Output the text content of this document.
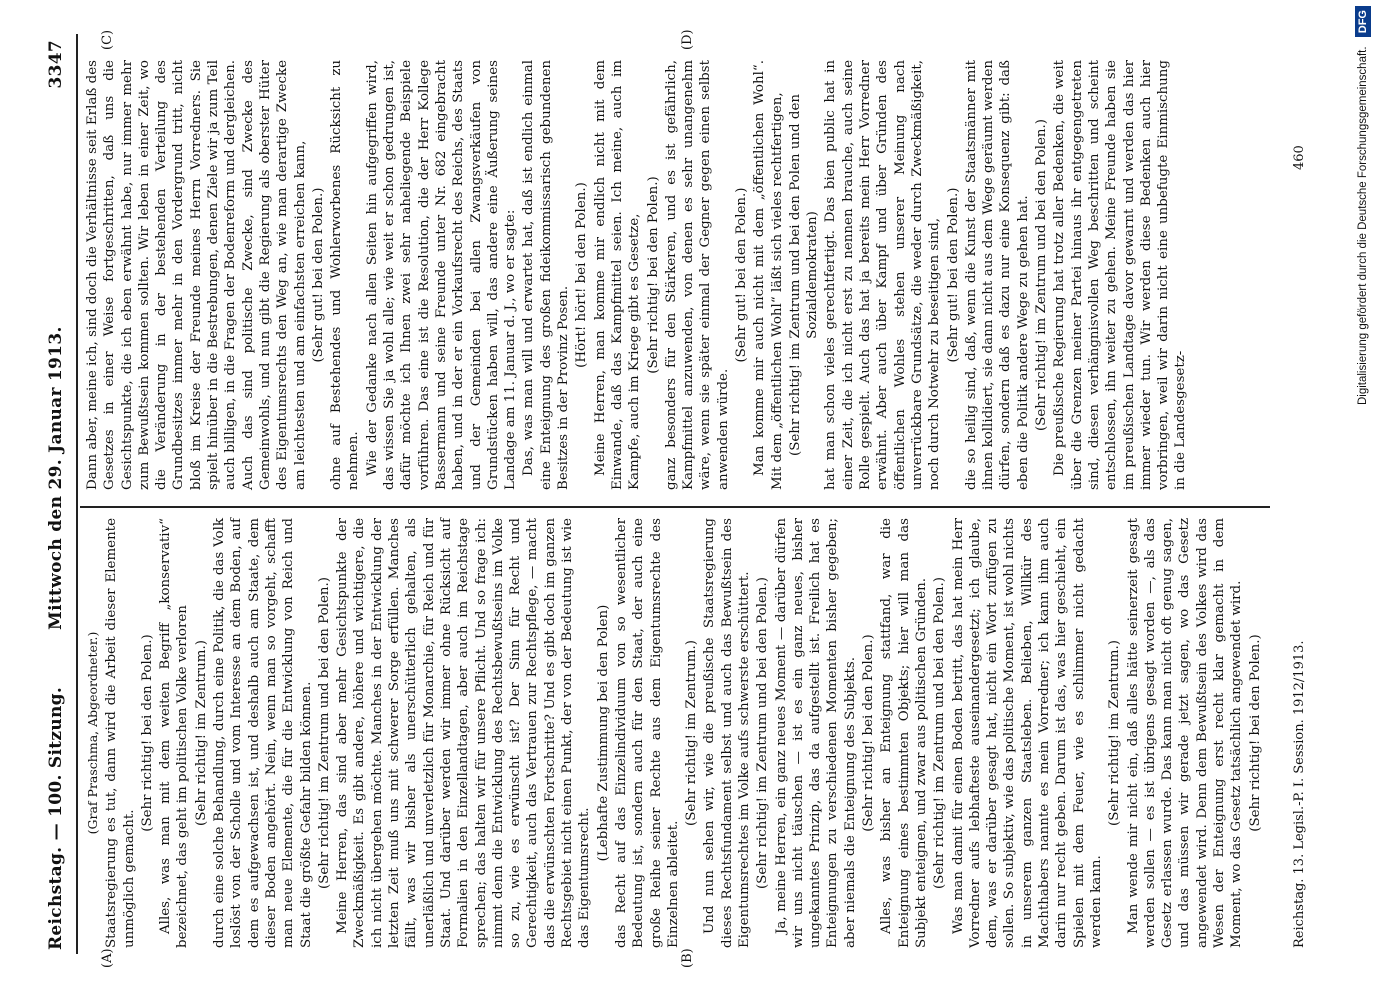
Reichstag. — 100. Sitzung.
Mittwoch den 29. Januar 1913.
3347
(A)	(B)
(C)	(D)
(Graf Praschma, Abgeordneter.) Staatsregierung es tut, dann wird die Arbeit dieser Elemente unmöglich gemacht.

(Sehr richtig! bei den Polen.) Alles, was man mit dem weiten Begriff „konservativ“ bezeichnet, das geht im politischen Volke verloren (Sehr richtig! im Zentrum.) durch eine solche Behandlung, durch eine Politik, die das Volk loslöst von der Scholle und vom Interesse an dem Boden, auf dem es aufgewachsen ist, und deshalb auch am Staate, dem dieser Boden angehört. Nein, wenn man so vorgeht, schafft man neue Elemente, die für die Entwicklung von Reich und Staat die größte Gefahr bilden können. (Sehr richtig! im Zentrum und bei den Polen.) Meine Herren, das sind aber mehr Gesichtspunkte der Zweckmäßigkeit. Es gibt andere, höhere und wichtigere, die ich nicht übergehen möchte. Manches in der Entwicklung der letzten Zeit muß uns mit schwerer Sorge erfüllen. Manches fällt, was wir bisher als unerschütterlich gehalten, als unerläßlich und unverletzlich für Monarchie, für Reich und für Staat. Und darüber werden wir immer ohne Rücksicht auf Formalien in den Einzellandtagen, aber auch im Reichstage sprechen; das halten wir für unsere Pflicht. Und so frage ich: nimmt denn die Entwicklung des Rechtsbewußtseins im Volke so zu, wie es erwünscht ist? Der Sinn für Recht und Gerechtigkeit, auch das Vertrauen zur Rechtspflege, — macht das die erwünschten Fortschritte? Und es gibt doch im ganzen Rechtsgebiet nicht einen Punkt, der von der Bedeutung ist wie das Eigentumsrecht.

(Lebhafte Zustimmung bei den Polen) das Recht auf das Einzelindividuum von so wesentlicher Bedeutung ist, sondern auch für den Staat, der auch eine große Reihe seiner Rechte aus dem Eigentumsrechte des Einzelnen ableitet.

(Sehr richtig! im Zentrum.) Und nun sehen wir, wie die preußische Staatsregierung dieses Rechtsfundament selbst und auch das Bewußtsein des Eigentumsrechtes im Volke aufs schwerste erschüttert. (Sehr richtig! im Zentrum und bei den Polen.) Ja, meine Herren, ein ganz neues Moment — darüber dürfen wir uns nicht täuschen — ist es ein ganz neues, bisher ungekanntes Prinzip, das da aufgestellt ist. Freilich hat es Enteignungen zu verschiedenen Momenten bisher gegeben; aber niemals die Enteignung des Subjekts. (Sehr richtig! bei den Polen.) Alles, was bisher an Enteignung stattfand, war die Enteignung eines bestimmten Objekts; hier will man das Subjekt enteignen, und zwar aus politischen Gründen. (Sehr richtig! im Zentrum und bei den Polen.) Was man damit für einen Boden betritt, das hat mein Herr Vorredner aufs lebhafteste auseinandergesetzt; ich glaube, dem, was er darüber gesagt hat, nicht ein Wort zufügen zu sollen. So subjektiv, wie das politische Moment, ist wohl nichts in unserem ganzen Staatsleben. Belieben, Willkür des Machthabers nannte es mein Vorredner; ich kann ihm auch darin nur recht geben. Darum ist das, was hier geschieht, ein Spielen mit dem Feuer, wie es schlimmer nicht gedacht werden kann.

(Sehr richtig! im Zentrum.) Man wende mir nicht ein, daß alles hätte seinerzeit gesagt werden sollen — es ist übrigens gesagt worden —, als das Gesetz erlassen wurde. Das kann man nicht oft genug sagen, und das müssen wir gerade jetzt sagen, wo das Gesetz angewendet wird. Denn dem Bewußtsein des Volkes wird das Wesen der Enteignung erst recht klar gemacht in dem Moment, wo das Gesetz tatsächlich angewendet wird. (Sehr richtig! bei den Polen.)

Dann aber, meine ich, sind doch die Verhältnisse seit Erlaß des Gesetzes in einer Weise fortgeschritten, daß uns die Gesichtspunkte, die ich eben erwähnt habe, nur immer mehr zum Bewußtsein kommen sollten. Wir leben in einer Zeit, wo die Veränderung in der bestehenden Verteilung des Grundbesitzes immer mehr in den Vordergrund tritt, nicht bloß im Kreise der Freunde meines Herrn Vorredners. Sie spielt hinüber in die Bestrebungen, denen Ziele wir ja zum Teil auch billigen, in die Fragen der Bodenreform und dergleichen. Auch das sind politische Zwecke, sind Zwecke des Gemeinwohls, und nun gibt die Regierung als oberster Hüter des Eigentumsrechts den Weg an, wie man derartige Zwecke am leichtesten und am einfachsten erreichen kann, (Sehr gut! bei den Polen.) ohne auf Bestehendes und Wohlerworbenes Rücksicht zu nehmen. Wie der Gedanke nach allen Seiten hin aufgegriffen wird, das wissen Sie ja wohl alle; wie weit er schon gedrungen ist, dafür möchte ich Ihnen zwei sehr naheliegende Beispiele vorführen. Das eine ist die Resolution, die der Herr Kollege Bassermann und seine Freunde unter Nr. 682 eingebracht haben, und in der er ein Vorkaufsrecht des Reichs, des Staats und der Gemeinden bei allen Zwangsverkäufen von Grundstücken haben will, das andere eine Äußerung seines Landage am 11. Januar d. J., wo er sagte: Das, was man will und erwartet hat, daß ist endlich einmal eine Enteignung des großen fideikommissarisch gebundenen Besitzes in der Provinz Posen.

(Hört! hört! bei den Polen.) Meine Herren, man komme mir endlich nicht mit dem Einwande, daß das Kampfmittel seien. Ich meine, auch im Kampfe, auch im Kriege gibt es Gesetze, (Sehr richtig! bei den Polen.) ganz besonders für den Stärkeren, und es ist gefährlich, Kampfmittel anzuwenden, von denen es sehr unangenehm wäre, wenn sie später einmal der Gegner gegen einen selbst anwenden würde.

(Sehr gut! bei den Polen.) Man komme mir auch nicht mit dem „öffentlichen Wohl“. Mit dem „öffentlichen Wohl“ läßt sich vieles rechtfertigen, (Sehr richtig! im Zentrum und bei den Polen und den Sozialdemokraten) hat man schon vieles gerechtfertigt. Das bien public hat in einer Zeit, die ich nicht erst zu nennen brauche, auch seine Rolle gespielt. Auch das hat ja bereits mein Herr Vorredner erwähnt. Aber auch über Kampf und über Gründen des öffentlichen Wohles stehen unserer Meinung nach unverrückbare Grundsätze, die weder durch Zweckmäßigkeit, noch durch Notwehr zu beseitigen sind, (Sehr gut! bei den Polen.) die so heilig sind, daß, wenn die Kunst der Staatsmänner mit ihnen kollidiert, sie dann nicht aus dem Wege geräumt werden dürfen, sondern daß es dazu nur eine Konsequenz gibt: daß eben die Politik andere Wege zu gehen hat. (Sehr richtig! im Zentrum und bei den Polen.) Die preußische Regierung hat trotz aller Bedenken, die weit über die Grenzen meiner Partei hinaus ihr entgegengetreten sind, diesen verhängnisvollen Weg beschritten und scheint entschlossen, ihn weiter zu gehen. Meine Freunde haben sie im preußischen Landtage davor gewarnt und werden das hier immer wieder tun. Wir werden diese Bedenken auch hier vorbringen, weil wir darin nicht eine unbefugte Einmischung in die Landesgesetz-

Reichstag. 13. Legisl.-P. I. Session. 1912/1913.
460	Digitalisierung gefördert durch die Deutsche Forschungsgemeinschaft. DFG
